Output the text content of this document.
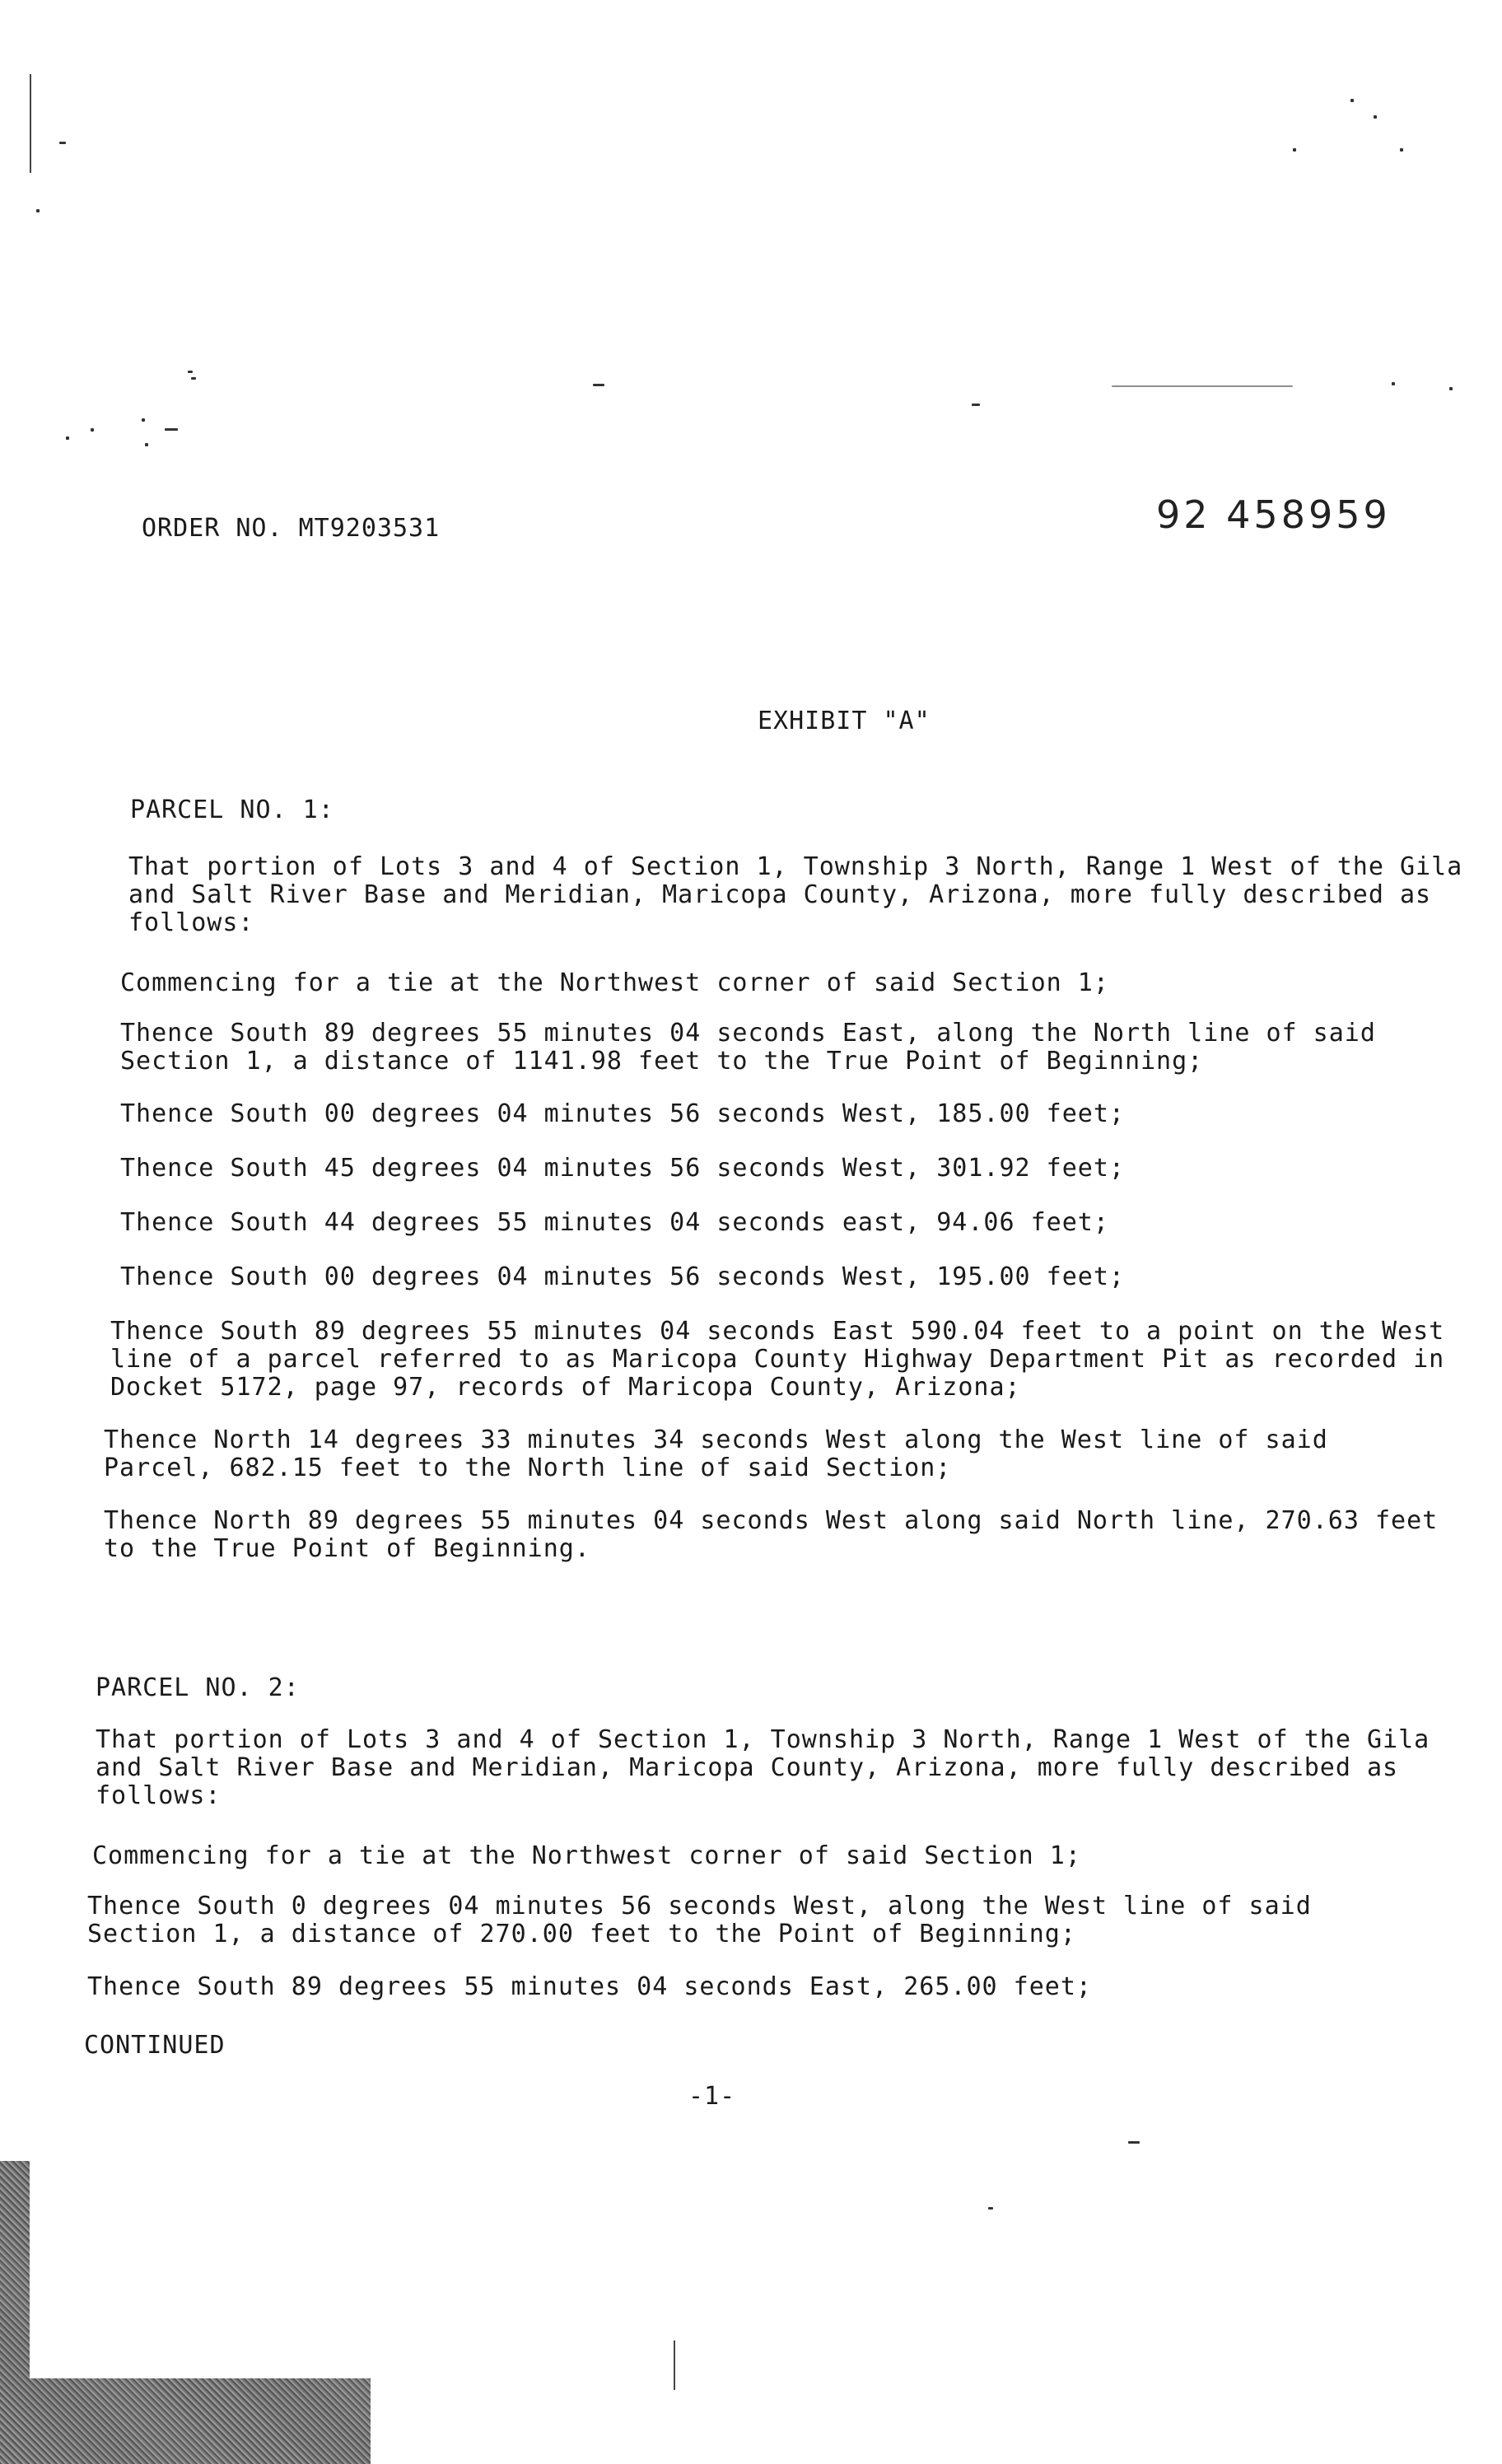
ORDER NO. MT9203531	92 458959
EXHIBIT "A"
PARCEL NO. 1:
That portion of Lots 3 and 4 of Section 1, Township 3 North, Range 1 West of the Gila
and Salt River Base and Meridian, Maricopa County, Arizona, more fully described as
follows:
Commencing for a tie at the Northwest corner of said Section 1;
Thence South 89 degrees 55 minutes 04 seconds East, along the North line of said
Section 1, a distance of 1141.98 feet to the True Point of Beginning;
Thence South 00 degrees 04 minutes 56 seconds West, 185.00 feet;
Thence South 45 degrees 04 minutes 56 seconds West, 301.92 feet;
Thence South 44 degrees 55 minutes 04 seconds east, 94.06 feet;
Thence South 00 degrees 04 minutes 56 seconds West, 195.00 feet;
Thence South 89 degrees 55 minutes 04 seconds East 590.04 feet to a point on the West
line of a parcel referred to as Maricopa County Highway Department Pit as recorded in
Docket 5172, page 97, records of Maricopa County, Arizona;
Thence North 14 degrees 33 minutes 34 seconds West along the West line of said
Parcel, 682.15 feet to the North line of said Section;
Thence North 89 degrees 55 minutes 04 seconds West along said North line, 270.63 feet
to the True Point of Beginning.
PARCEL NO. 2:
That portion of Lots 3 and 4 of Section 1, Township 3 North, Range 1 West of the Gila
and Salt River Base and Meridian, Maricopa County, Arizona, more fully described as
follows:
Commencing for a tie at the Northwest corner of said Section 1;
Thence South 0 degrees 04 minutes 56 seconds West, along the West line of said
Section 1, a distance of 270.00 feet to the Point of Beginning;
Thence South 89 degrees 55 minutes 04 seconds East, 265.00 feet;
CONTINUED
-1-
